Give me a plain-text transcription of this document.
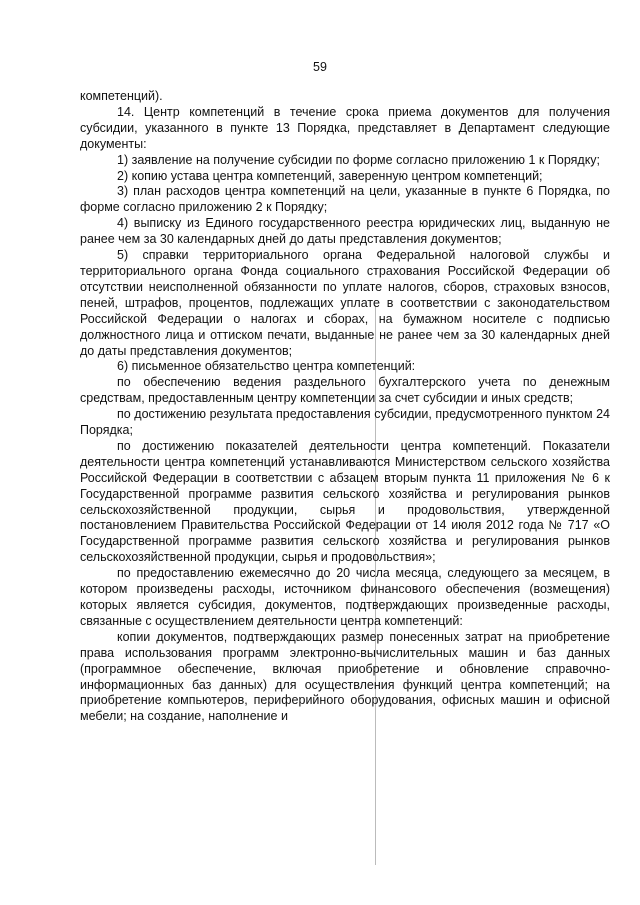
59

компетенций).

14. Центр компетенций в течение срока приема документов для получения субсидии, указанного в пункте 13 Порядка, представляет в Департамент следующие документы:

1) заявление на получение субсидии по форме согласно приложению 1 к Порядку;

2) копию устава центра компетенций, заверенную центром компетенций;

3) план расходов центра компетенций на цели, указанные в пункте 6 Порядка, по форме согласно приложению 2 к Порядку;

4) выписку из Единого государственного реестра юридических лиц, выданную не ранее чем за 30 календарных дней до даты представления документов;

5) справки территориального органа Федеральной налоговой службы и территориального органа Фонда социального страхования Российской Федерации об отсутствии неисполненной обязанности по уплате налогов, сборов, страховых взносов, пеней, штрафов, процентов, подлежащих уплате в соответствии с законодательством Российской Федерации о налогах и сборах, на бумажном носителе с подписью должностного лица и оттиском печати, выданные не ранее чем за 30 календарных дней до даты представления документов;

6) письменное обязательство центра компетенций:

по обеспечению ведения раздельного бухгалтерского учета по денежным средствам, предоставленным центру компетенции за счет субсидии и иных средств;

по достижению результата предоставления субсидии, предусмотренного пунктом 24 Порядка;

по достижению показателей деятельности центра компетенций. Показатели деятельности центра компетенций устанавливаются Министерством сельского хозяйства Российской Федерации в соответствии с абзацем вторым пункта 11 приложения № 6 к Государственной программе развития сельского хозяйства и регулирования рынков сельскохозяйственной продукции, сырья и продовольствия, утвержденной постановлением Правительства Российской Федерации от 14 июля 2012 года № 717 «О Государственной программе развития сельского хозяйства и регулирования рынков сельскохозяйственной продукции, сырья и продовольствия»;

по предоставлению ежемесячно до 20 числа месяца, следующего за месяцем, в котором произведены расходы, источником финансового обеспечения (возмещения) которых является субсидия, документов, подтверждающих произведенные расходы, связанные с осуществлением деятельности центра компетенций:

копии документов, подтверждающих размер понесенных затрат на приобретение права использования программ электронно-вычислительных машин и баз данных (программное обеспечение, включая приобретение и обновление справочно-информационных баз данных) для осуществления функций центра компетенций; на приобретение компьютеров, периферийного оборудования, офисных машин и офисной мебели; на создание, наполнение и
